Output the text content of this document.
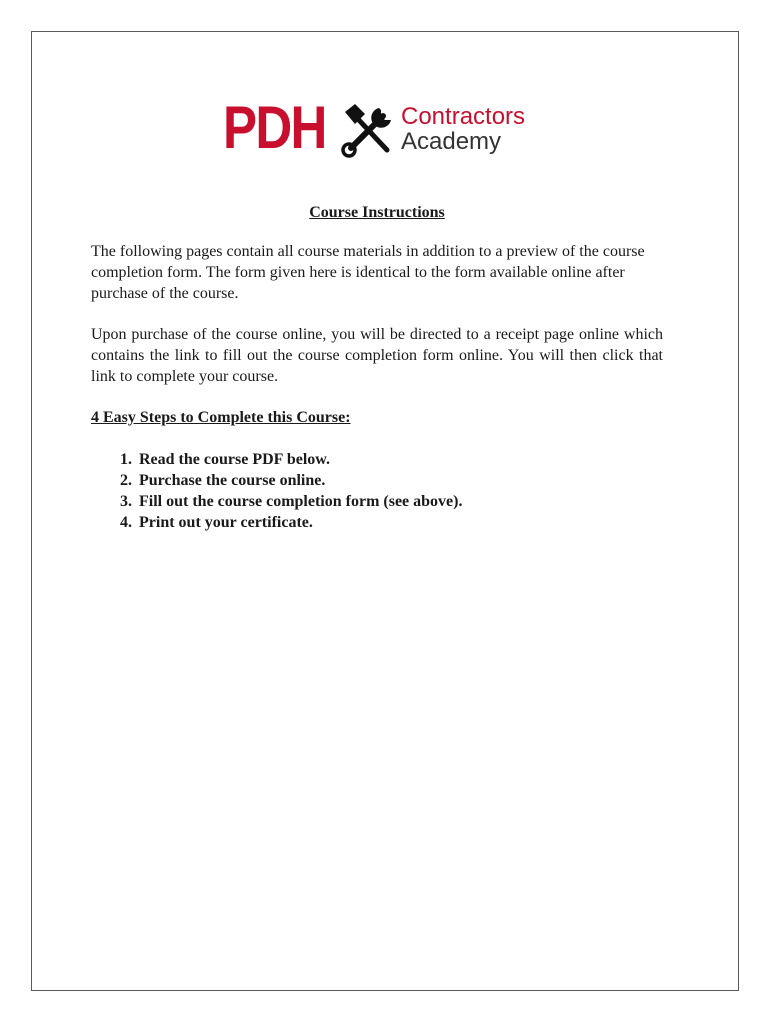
PDH	Contractors
Academy

Course Instructions

The following pages contain all course materials in addition to a preview of the course completion form. The form given here is identical to the form available online after purchase of the course.

Upon purchase of the course online, you will be directed to a receipt page online which contains the link to fill out the course completion form online. You will then click that link to complete your course.

4 Easy Steps to Complete this Course:

1. Read the course PDF below.
2. Purchase the course online.
3. Fill out the course completion form (see above).
4. Print out your certificate.
